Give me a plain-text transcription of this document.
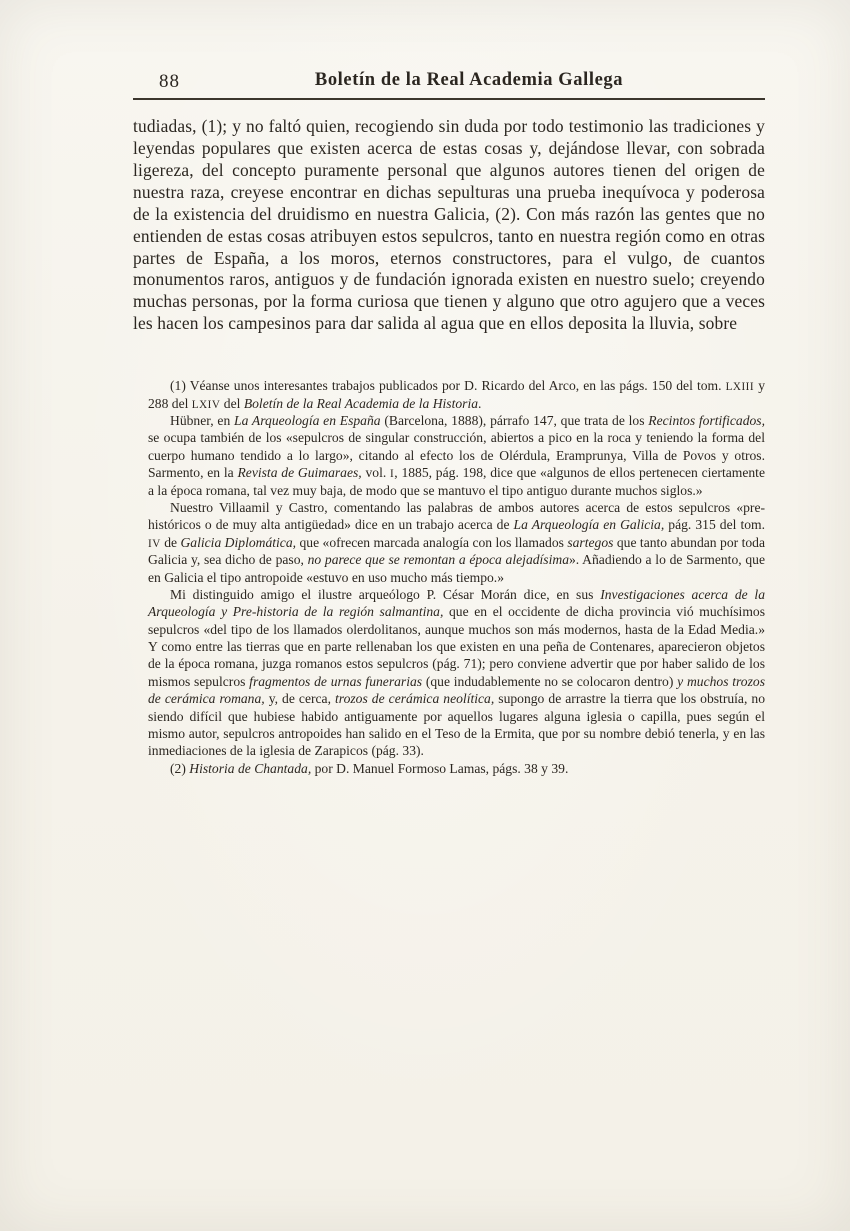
88	Boletín de la Real Academia Gallega

tudiadas, (1); y no faltó quien, recogiendo sin duda por todo testimonio las tradiciones y leyendas populares que existen acerca de estas cosas y, dejándose llevar, con sobrada ligereza, del concepto puramente personal que algunos autores tienen del origen de nuestra raza, creyese encontrar en dichas sepulturas una prueba inequívoca y poderosa de la existencia del druidismo en nuestra Galicia, (2). Con más razón las gentes que no entienden de estas cosas atribuyen estos sepulcros, tanto en nuestra región como en otras partes de España, a los moros, eternos constructores, para el vulgo, de cuantos monumentos raros, antiguos y de fundación ignorada existen en nuestro suelo; creyendo muchas personas, por la forma curiosa que tienen y alguno que otro agujero que a veces les hacen los campesinos para dar salida al agua que en ellos deposita la lluvia, sobre

(1) Véanse unos interesantes trabajos publicados por D. Ricardo del Arco, en las págs. 150 del tom. LXIII y 288 del LXIV del Boletín de la Real Academia de la Historia.

Hübner, en La Arqueología en España (Barcelona, 1888), párrafo 147, que trata de los Recintos fortificados, se ocupa también de los «sepulcros de singular construcción, abiertos a pico en la roca y teniendo la forma del cuerpo humano tendido a lo largo», citando al efecto los de Olérdula, Eramprunya, Villa de Povos y otros. Sarmento, en la Revista de Guimaraes, vol. I, 1885, pág. 198, dice que «algunos de ellos pertenecen ciertamente a la época romana, tal vez muy baja, de modo que se mantuvo el tipo antiguo durante muchos siglos.»

Nuestro Villaamil y Castro, comentando las palabras de ambos autores acerca de estos sepulcros «pre-históricos o de muy alta antigüedad» dice en un trabajo acerca de La Arqueología en Galicia, pág. 315 del tom. IV de Galicia Diplomática, que «ofrecen marcada analogía con los llamados sartegos que tanto abundan por toda Galicia y, sea dicho de paso, no parece que se remontan a época alejadísima». Añadiendo a lo de Sarmento, que en Galicia el tipo antropoide «estuvo en uso mucho más tiempo.»

Mi distinguido amigo el ilustre arqueólogo P. César Morán dice, en sus Investigaciones acerca de la Arqueología y Pre-historia de la región salmantina, que en el occidente de dicha provincia vió muchísimos sepulcros «del tipo de los llamados olerdolitanos, aunque muchos son más modernos, hasta de la Edad Media.» Y como entre las tierras que en parte rellenaban los que existen en una peña de Contenares, aparecieron objetos de la época romana, juzga romanos estos sepulcros (pág. 71); pero conviene advertir que por haber salido de los mismos sepulcros fragmentos de urnas funerarias (que indudablemente no se colocaron dentro) y muchos trozos de cerámica romana, y, de cerca, trozos de cerámica neolítica, supongo de arrastre la tierra que los obstruía, no siendo difícil que hubiese habido antiguamente por aquellos lugares alguna iglesia o capilla, pues según el mismo autor, sepulcros antropoides han salido en el Teso de la Ermita, que por su nombre debió tenerla, y en las inmediaciones de la iglesia de Zarapicos (pág. 33).

(2) Historia de Chantada, por D. Manuel Formoso Lamas, págs. 38 y 39.
